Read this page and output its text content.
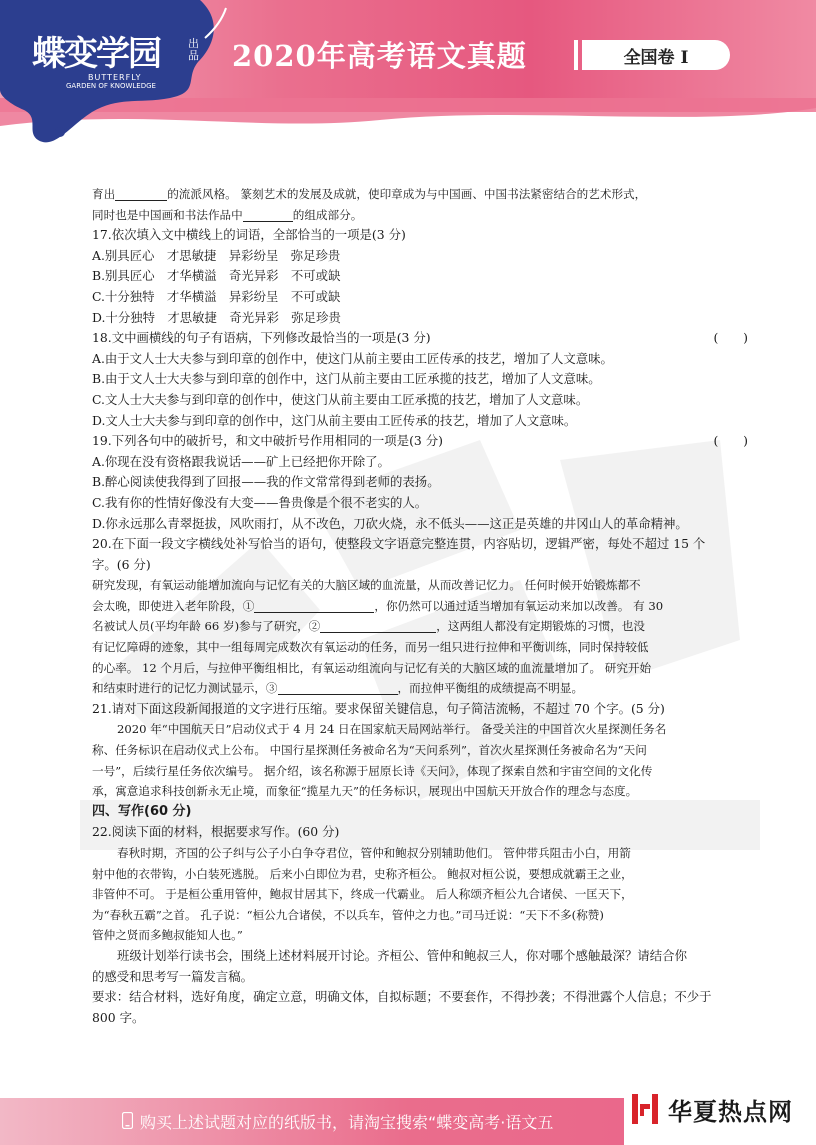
蝶变学园	出品
BUTTERFLY
GARDEN OF KNOWLEDGE
2020年高考语文真题	全国卷 I

育出	的流派风格。 篆刻艺术的发展及成就，使印章成为与中国画、中国书法紧密结合的艺术形式，

同时也是中国画和书法作品中	的组成部分。

17.依次填入文中横线上的词语，全部恰当的一项是(3 分)

A.别具匠心　才思敏捷　异彩纷呈　弥足珍贵

B.别具匠心　才华横溢　奇光异彩　不可或缺

C.十分独特　才华横溢　异彩纷呈　不可或缺

D.十分独特　才思敏捷　奇光异彩　弥足珍贵

18.文中画横线的句子有语病，下列修改最恰当的一项是(3 分)	(　　)

A.由于文人士大夫参与到印章的创作中，使这门从前主要由工匠传承的技艺，增加了人文意味。

B.由于文人士大夫参与到印章的创作中，这门从前主要由工匠承揽的技艺，增加了人文意味。

C.文人士大夫参与到印章的创作中，使这门从前主要由工匠承揽的技艺，增加了人文意味。

D.文人士大夫参与到印章的创作中，这门从前主要由工匠传承的技艺，增加了人文意味。

19.下列各句中的破折号，和文中破折号作用相同的一项是(3 分)	(　　)

A.你现在没有资格跟我说话——矿上已经把你开除了。

B.醉心阅读使我得到了回报——我的作文常常得到老师的表扬。

C.我有你的性情好像没有大变——鲁贵像是个很不老实的人。

D.你永远那么青翠挺拔，风吹雨打，从不改色，刀砍火烧，永不低头——这正是英雄的井冈山人的革命精神。

20.在下面一段文字横线处补写恰当的语句，使整段文字语意完整连贯，内容贴切，逻辑严密，每处不超过 15 个

字。(6 分)

研究发现，有氧运动能增加流向与记忆有关的大脑区域的血流量，从而改善记忆力。 任何时候开始锻炼都不

会太晚，即使进入老年阶段，①	，你仍然可以通过适当增加有氧运动来加以改善。 有 30

名被试人员(平均年龄 66 岁)参与了研究，②	，这两组人都没有定期锻炼的习惯，也没

有记忆障碍的迹象，其中一组每周完成数次有氧运动的任务，而另一组只进行拉伸和平衡训练，同时保持较低

的心率。 12 个月后，与拉伸平衡组相比，有氧运动组流向与记忆有关的大脑区域的血流量增加了。 研究开始

和结束时进行的记忆力测试显示，③	，而拉伸平衡组的成绩提高不明显。

21.请对下面这段新闻报道的文字进行压缩。要求保留关键信息，句子简洁流畅，不超过 70 个字。(5 分)

2020 年“中国航天日”启动仪式于 4 月 24 日在国家航天局网站举行。 备受关注的中国首次火星探测任务名

称、任务标识在启动仪式上公布。 中国行星探测任务被命名为“天问系列”，首次火星探测任务被命名为“天问

一号”，后续行星任务依次编号。 据介绍，该名称源于屈原长诗《天问》，体现了探索自然和宇宙空间的文化传

承，寓意追求科技创新永无止境，而象征“揽星九天”的任务标识，展现出中国航天开放合作的理念与态度。

四、写作(60 分)

22.阅读下面的材料，根据要求写作。(60 分)

春秋时期，齐国的公子纠与公子小白争夺君位，管仲和鲍叔分别辅助他们。 管仲带兵阻击小白，用箭

射中他的衣带钩，小白装死逃脱。 后来小白即位为君，史称齐桓公。 鲍叔对桓公说，要想成就霸王之业，

非管仲不可。 于是桓公重用管仲，鲍叔甘居其下，终成一代霸业。 后人称颂齐桓公九合诸侯、一匡天下，

为“春秋五霸”之首。 孔子说：“桓公九合诸侯，不以兵车，管仲之力也。”司马迁说：“天下不多(称赞)

管仲之贤而多鲍叔能知人也。”

班级计划举行读书会，围绕上述材料展开讨论。齐桓公、管仲和鲍叔三人，你对哪个感触最深？请结合你

的感受和思考写一篇发言稿。

要求：结合材料，选好角度，确定立意，明确文体，自拟标题；不要套作，不得抄袭；不得泄露个人信息；不少于

800 字。

购买上述试题对应的纸版书，请淘宝搜索“蝶变高考·语文五	华夏热点网
